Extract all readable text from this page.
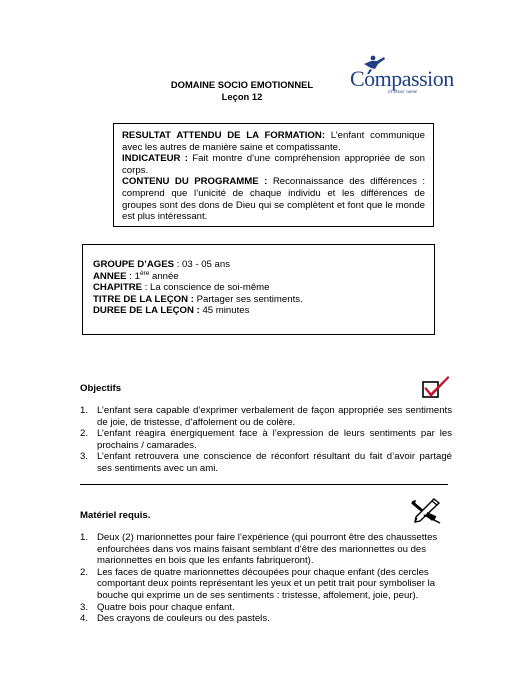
DOMAINE SOCIO EMOTIONNEL
Leçon 12
Compassion
in Jesus' name

RESULTAT ATTENDU DE LA FORMATION: L’enfant communique avec les autres de manière saine et compatissante.

INDICATEUR : Fait montre d’une compréhension appropriée de son corps.

CONTENU DU PROGRAMME : Reconnaissance des différences : comprend que l’unicité de chaque individu et les différences de groupes sont des dons de Dieu qui se complètent et font que le monde est plus intéressant.

GROUPE D’AGES : 03 - 05 ans

ANNEE : 1ère année

CHAPITRE : La conscience de soi-même

TITRE DE LA LEÇON : Partager ses sentiments.

DUREE DE LA LEÇON : 45 minutes

Objectifs
1. L’enfant sera capable d’exprimer verbalement de façon appropriée ses sentiments de joie, de tristesse, d’affolement ou de colère.
2. L’enfant réagira énergiquement face à l’expression de leurs sentiments par les prochains / camarades.
3. L’enfant retrouvera une conscience de réconfort résultant du fait d’avoir partagé ses sentiments avec un ami.
Matériel requis.
1. Deux (2) marionnettes pour faire l’expérience (qui pourront être des chaussettes enfourchées dans vos mains faisant semblant d’être des marionnettes ou des marionnettes en bois que les enfants fabriqueront).
2. Les faces de quatre marionnettes découpées pour chaque enfant (des cercles comportant deux points représentant les yeux et un petit trait pour symboliser la bouche qui exprime un de ses sentiments : tristesse, affolement, joie, peur).
3. Quatre bois pour chaque enfant.
4. Des crayons de couleurs ou des pastels.
